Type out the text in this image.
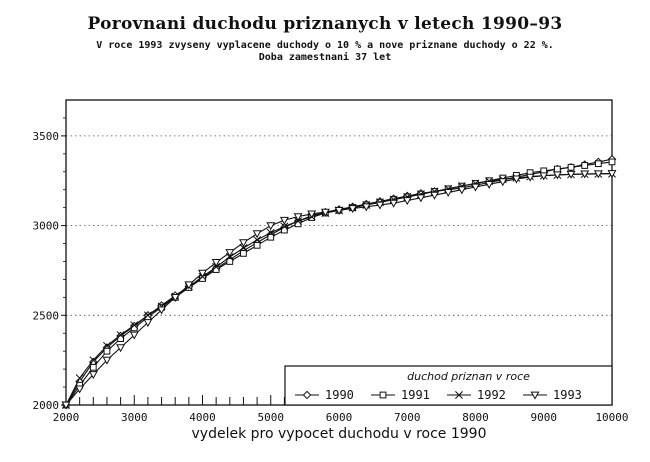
Porovnani duchodu priznanych v letech 1990–93
V roce 1993 zvyseny vyplacene duchody o 10 % a nove priznane duchody o 22 %.
Doba zamestnani 37 let
2000
2500
3000
3500
2000	3000	4000	5000	6000	7000	8000	9000	10000
vydelek pro vypocet duchodu v roce 1990
duchod priznan v roce
1990	1991	1992	1993
